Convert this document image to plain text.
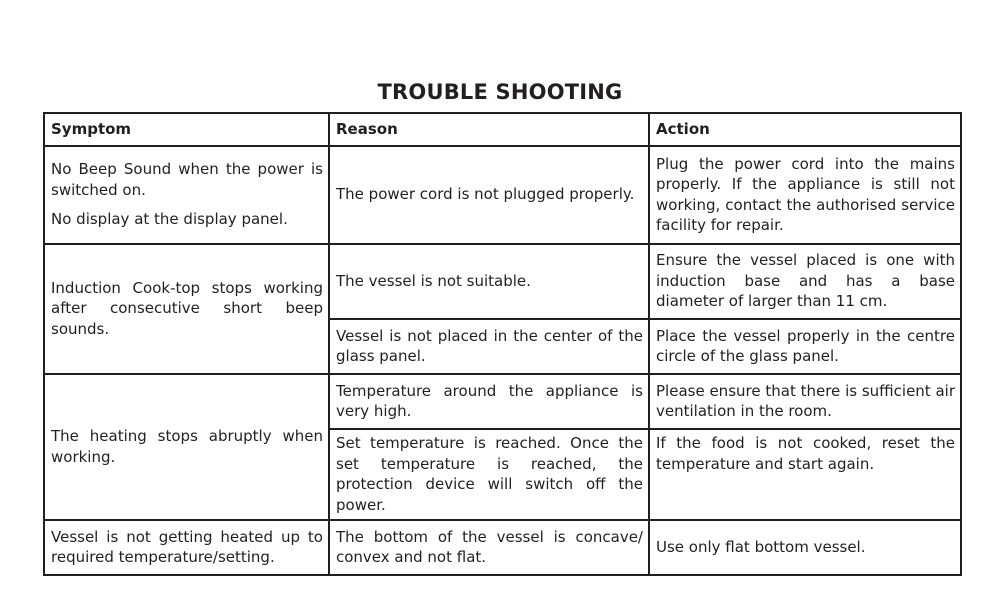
TROUBLE SHOOTING
Symptom	Reason	Action

No Beep Sound when the power is switched on.
No display at the display panel.	The power cord is not plugged properly.	Plug the power cord into the mains properly. If the appliance is still not working, contact the authorised service facility for repair.

Induction Cook-top stops working after consecutive short beep sounds.	The vessel is not suitable.	Ensure the vessel placed is one with induction base and has a base diameter of larger than 11 cm.
	Vessel is not placed in the center of the glass panel.	Place the vessel properly in the centre circle of the glass panel.

The heating stops abruptly when working.	Temperature around the appliance is very high.	Please ensure that there is sufficient air ventilation in the room.
	Set temperature is reached. Once the set temperature is reached, the protection device will switch off the power.	If the food is not cooked, reset the temperature and start again.

Vessel is not getting heated up to required temperature/setting.	The bottom of the vessel is concave/ convex and not flat.	Use only flat bottom vessel.
